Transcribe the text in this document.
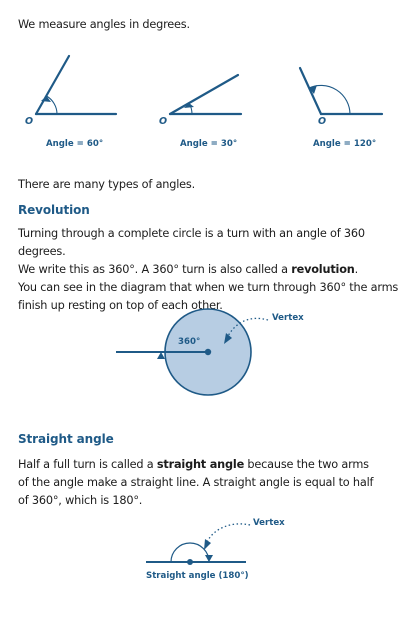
We measure angles in degrees.
O	O	O
Angle = 60°	Angle = 30°	Angle = 120°
There are many types of angles.
Revolution
Turning through a complete circle is a turn with an angle of 360 degrees.
We write this as 360°. A 360° turn is also called a revolution.
You can see in the diagram that when we turn through 360° the arms
finish up resting on top of each other.
360°
Vertex
Straight angle
Half a full turn is called a straight angle because the two arms
of the angle make a straight line. A straight angle is equal to half
of 360°, which is 180°.
Vertex
Straight angle (180°)
